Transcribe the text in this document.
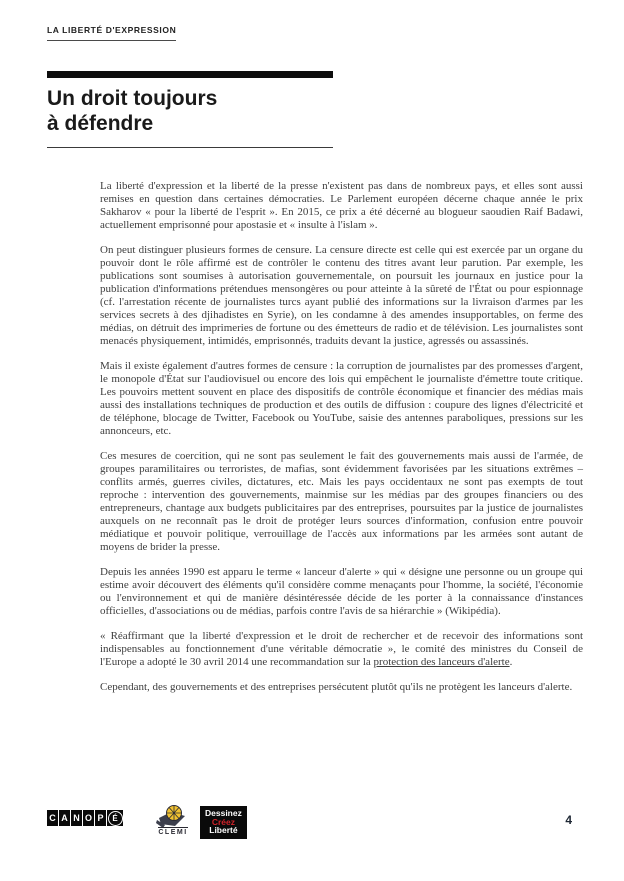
LA LIBERTÉ D'EXPRESSION
Un droit toujours
à défendre

La liberté d'expression et la liberté de la presse n'existent pas dans de nombreux pays, et elles sont aussi remises en question dans certaines démocraties. Le Parlement européen décerne chaque année le prix Sakharov « pour la liberté de l'esprit ». En 2015, ce prix a été décerné au blogueur saoudien Raif Badawi, actuellement emprisonné pour apostasie et « insulte à l'islam ».

On peut distinguer plusieurs formes de censure. La censure directe est celle qui est exercée par un organe du pouvoir dont le rôle affirmé est de contrôler le contenu des titres avant leur parution. Par exemple, les publications sont soumises à autorisation gouvernementale, on poursuit les journaux en justice pour la publication d'informations prétendues mensongères ou pour atteinte à la sûreté de l'État ou pour espionnage (cf. l'arrestation récente de journalistes turcs ayant publié des informations sur la livraison d'armes par les services secrets à des djihadistes en Syrie), on les condamne à des amendes insupportables, on ferme des médias, on détruit des imprimeries de fortune ou des émetteurs de radio et de télévision. Les journalistes sont menacés physiquement, intimidés, emprisonnés, traduits devant la justice, agressés ou assassinés.

Mais il existe également d'autres formes de censure : la corruption de journalistes par des promesses d'argent, le monopole d'État sur l'audiovisuel ou encore des lois qui empêchent le journaliste d'émettre toute critique. Les pouvoirs mettent souvent en place des dispositifs de contrôle économique et financier des médias mais aussi des installations techniques de production et des outils de diffusion : coupure des lignes d'électricité et de téléphone, blocage de Twitter, Facebook ou YouTube, saisie des antennes paraboliques, pressions sur les annonceurs, etc.

Ces mesures de coercition, qui ne sont pas seulement le fait des gouvernements mais aussi de l'armée, de groupes paramilitaires ou terroristes, de mafias, sont évidemment favorisées par les situations extrêmes – conflits armés, guerres civiles, dictatures, etc. Mais les pays occidentaux ne sont pas exempts de tout reproche : intervention des gouvernements, mainmise sur les médias par des groupes financiers ou des entrepreneurs, chantage aux budgets publicitaires par des entreprises, poursuites par la justice de journalistes auxquels on ne reconnaît pas le droit de protéger leurs sources d'information, confusion entre pouvoir médiatique et pouvoir politique, verrouillage de l'accès aux informations par les armées sont autant de moyens de brider la presse.

Depuis les années 1990 est apparu le terme « lanceur d'alerte » qui « désigne une personne ou un groupe qui estime avoir découvert des éléments qu'il considère comme menaçants pour l'homme, la société, l'économie ou l'environnement et qui de manière désintéressée décide de les porter à la connaissance d'instances officielles, d'associations ou de médias, parfois contre l'avis de sa hiérarchie » (Wikipédia).

« Réaffirmant que la liberté d'expression et le droit de rechercher et de recevoir des informations sont indispensables au fonctionnement d'une véritable démocratie », le comité des ministres du Conseil de l'Europe a adopté le 30 avril 2014 une recommandation sur la protection des lanceurs d'alerte.

Cependant, des gouvernements et des entreprises persécutent plutôt qu'ils ne protègent les lanceurs d'alerte.

C A N O P	É
CLEMI
Dessinez
Créez
Liberté
4
